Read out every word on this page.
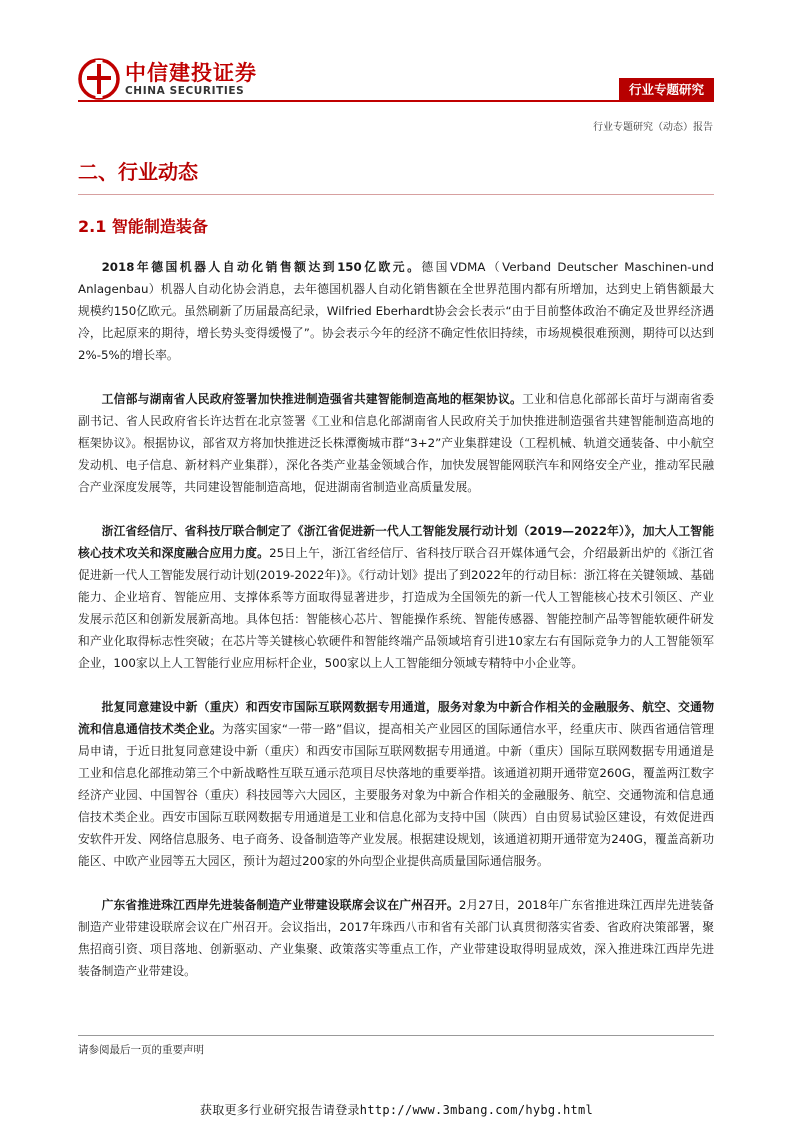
中信建投证券
CHINA SECURITIES	行业专题研究
行业专题研究（动态）报告
二、行业动态
2.1 智能制造装备

2018年德国机器人自动化销售额达到150亿欧元。德国VDMA（Verband Deutscher Maschinen-und Anlagenbau）机器人自动化协会消息，去年德国机器人自动化销售额在全世界范围内都有所增加，达到史上销售额最大规模约150亿欧元。虽然刷新了历届最高纪录，Wilfried Eberhardt协会会长表示“由于目前整体政治不确定及世界经济遇冷，比起原来的期待，增长势头变得缓慢了”。协会表示今年的经济不确定性依旧持续，市场规模很难预测，期待可以达到2%-5%的增长率。

工信部与湖南省人民政府签署加快推进制造强省共建智能制造高地的框架协议。工业和信息化部部长苗圩与湖南省委副书记、省人民政府省长许达哲在北京签署《工业和信息化部湖南省人民政府关于加快推进制造强省共建智能制造高地的框架协议》。根据协议，部省双方将加快推进泛长株潭衡城市群“3+2”产业集群建设（工程机械、轨道交通装备、中小航空发动机、电子信息、新材料产业集群），深化各类产业基金领域合作，加快发展智能网联汽车和网络安全产业，推动军民融合产业深度发展等，共同建设智能制造高地，促进湖南省制造业高质量发展。

浙江省经信厅、省科技厅联合制定了《浙江省促进新一代人工智能发展行动计划（2019—2022年）》，加大人工智能核心技术攻关和深度融合应用力度。25日上午，浙江省经信厅、省科技厅联合召开媒体通气会，介绍最新出炉的《浙江省促进新一代人工智能发展行动计划(2019-2022年)》。《行动计划》提出了到2022年的行动目标：浙江将在关键领域、基础能力、企业培育、智能应用、支撑体系等方面取得显著进步，打造成为全国领先的新一代人工智能核心技术引领区、产业发展示范区和创新发展新高地。具体包括：智能核心芯片、智能操作系统、智能传感器、智能控制产品等智能软硬件研发和产业化取得标志性突破；在芯片等关键核心软硬件和智能终端产品领域培育引进10家左右有国际竞争力的人工智能领军企业，100家以上人工智能行业应用标杆企业，500家以上人工智能细分领域专精特中小企业等。

批复同意建设中新（重庆）和西安市国际互联网数据专用通道，服务对象为中新合作相关的金融服务、航空、交通物流和信息通信技术类企业。为落实国家“一带一路”倡议，提高相关产业园区的国际通信水平，经重庆市、陕西省通信管理局申请，于近日批复同意建设中新（重庆）和西安市国际互联网数据专用通道。中新（重庆）国际互联网数据专用通道是工业和信息化部推动第三个中新战略性互联互通示范项目尽快落地的重要举措。该通道初期开通带宽260G，覆盖两江数字经济产业园、中国智谷（重庆）科技园等六大园区，主要服务对象为中新合作相关的金融服务、航空、交通物流和信息通信技术类企业。西安市国际互联网数据专用通道是工业和信息化部为支持中国（陕西）自由贸易试验区建设，有效促进西安软件开发、网络信息服务、电子商务、设备制造等产业发展。根据建设规划，该通道初期开通带宽为240G，覆盖高新功能区、中欧产业园等五大园区，预计为超过200家的外向型企业提供高质量国际通信服务。

广东省推进珠江西岸先进装备制造产业带建设联席会议在广州召开。2月27日，2018年广东省推进珠江西岸先进装备制造产业带建设联席会议在广州召开。会议指出，2017年珠西八市和省有关部门认真贯彻落实省委、省政府决策部署，聚焦招商引资、项目落地、创新驱动、产业集聚、政策落实等重点工作，产业带建设取得明显成效，深入推进珠江西岸先进装备制造产业带建设。

请参阅最后一页的重要声明
获取更多行业研究报告请登录http://www.3mbang.com/hybg.html
